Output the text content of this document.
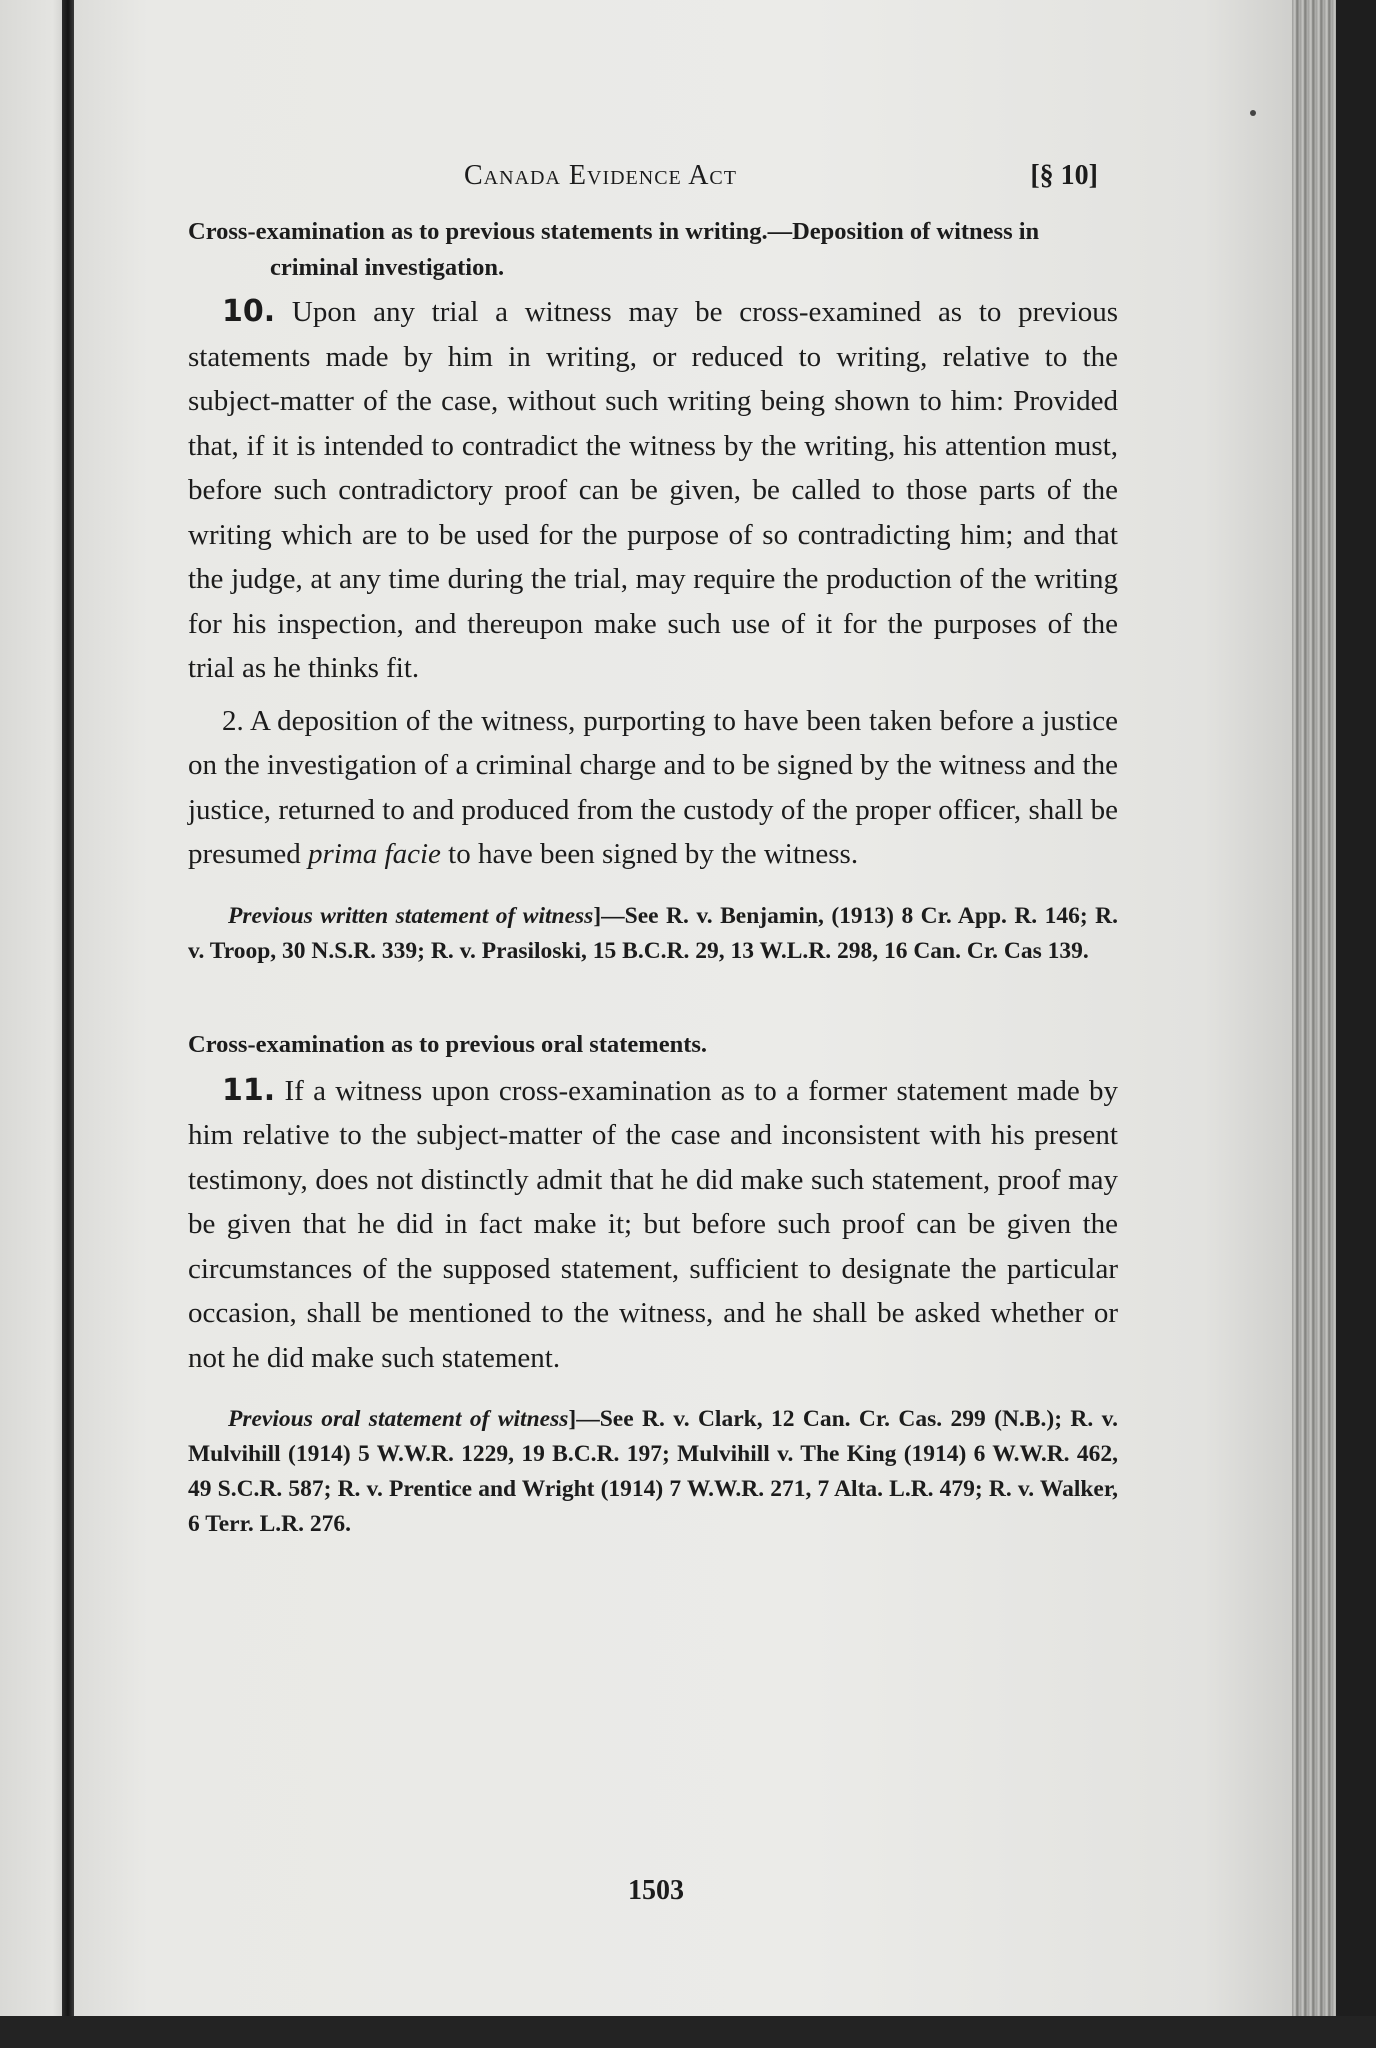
Canada Evidence Act	[§ 10]
Cross-examination as to previous statements in writing.—Deposition of witness in criminal investigation.

10. Upon any trial a witness may be cross-examined as to previous statements made by him in writing, or reduced to writing, relative to the subject-matter of the case, without such writing being shown to him: Provided that, if it is intended to contradict the witness by the writing, his attention must, before such contradictory proof can be given, be called to those parts of the writing which are to be used for the purpose of so contradicting him; and that the judge, at any time during the trial, may require the production of the writing for his inspection, and thereupon make such use of it for the purposes of the trial as he thinks fit.

2. A deposition of the witness, purporting to have been taken before a justice on the investigation of a criminal charge and to be signed by the witness and the justice, returned to and produced from the custody of the proper officer, shall be presumed prima facie to have been signed by the witness.

Previous written statement of witness]—See R. v. Benjamin, (1913) 8 Cr. App. R. 146; R. v. Troop, 30 N.S.R. 339; R. v. Prasiloski, 15 B.C.R. 29, 13 W.L.R. 298, 16 Can. Cr. Cas 139.

Cross-examination as to previous oral statements.

11. If a witness upon cross-examination as to a former statement made by him relative to the subject-matter of the case and inconsistent with his present testimony, does not distinctly admit that he did make such statement, proof may be given that he did in fact make it; but before such proof can be given the circumstances of the supposed statement, sufficient to designate the particular occasion, shall be mentioned to the witness, and he shall be asked whether or not he did make such statement.

Previous oral statement of witness]—See R. v. Clark, 12 Can. Cr. Cas. 299 (N.B.); R. v. Mulvihill (1914) 5 W.W.R. 1229, 19 B.C.R. 197; Mulvihill v. The King (1914) 6 W.W.R. 462, 49 S.C.R. 587; R. v. Prentice and Wright (1914) 7 W.W.R. 271, 7 Alta. L.R. 479; R. v. Walker, 6 Terr. L.R. 276.

1503
